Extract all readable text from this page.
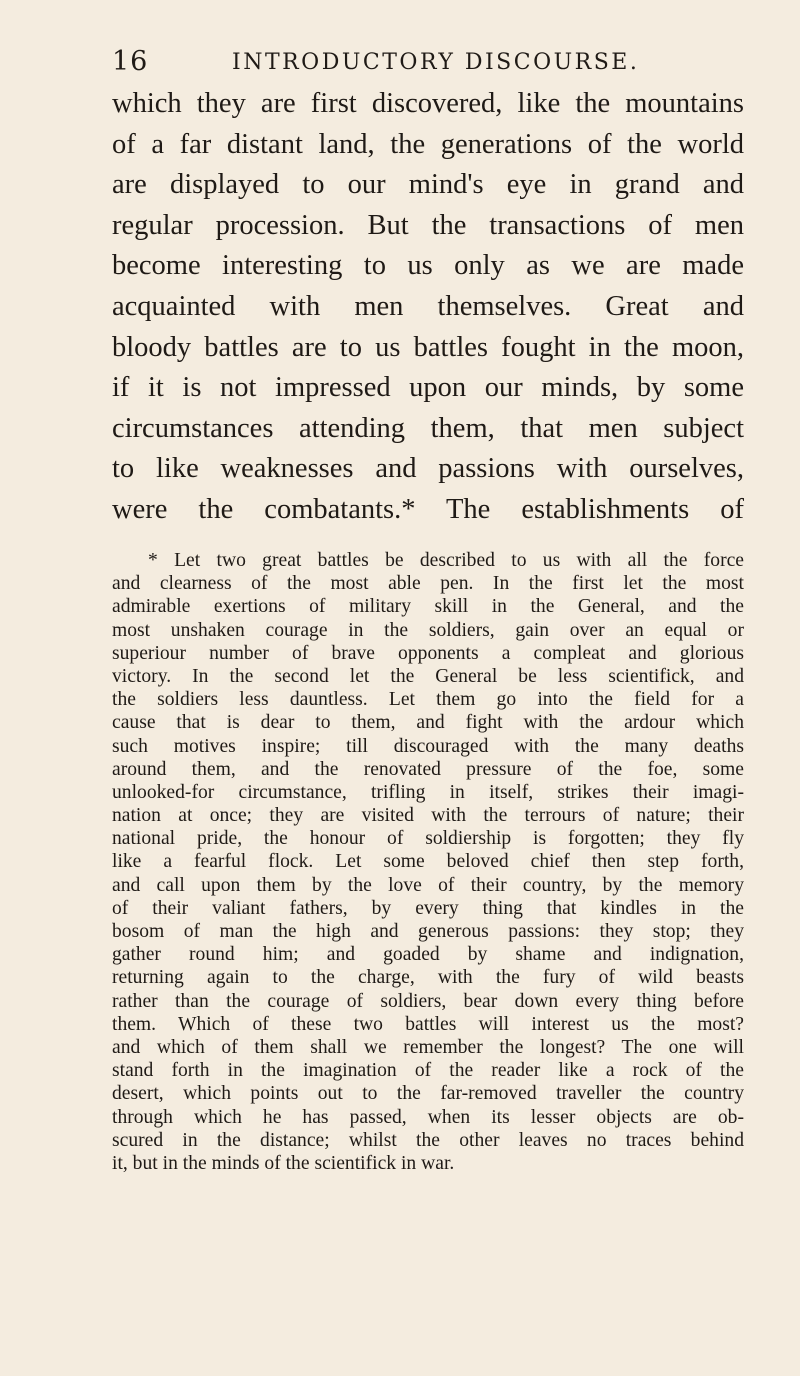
16	INTRODUCTORY DISCOURSE.
which they are first discovered, like the mountains
of a far distant land, the generations of the world
are displayed to our mind's eye in grand and
regular procession. But the transactions of men
become interesting to us only as we are made
acquainted with men themselves. Great and
bloody battles are to us battles fought in the moon,
if it is not impressed upon our minds, by some
circumstances attending them, that men subject
to like weaknesses and passions with ourselves,
were the combatants.* The establishments of
* Let two great battles be described to us with all the force
and clearness of the most able pen. In the first let the most
admirable exertions of military skill in the General, and the
most unshaken courage in the soldiers, gain over an equal or
superiour number of brave opponents a compleat and glorious
victory. In the second let the General be less scientifick, and
the soldiers less dauntless. Let them go into the field for a
cause that is dear to them, and fight with the ardour which
such motives inspire; till discouraged with the many deaths
around them, and the renovated pressure of the foe, some
unlooked-for circumstance, trifling in itself, strikes their imagi-
nation at once; they are visited with the terrours of nature; their
national pride, the honour of soldiership is forgotten; they fly
like a fearful flock. Let some beloved chief then step forth,
and call upon them by the love of their country, by the memory
of their valiant fathers, by every thing that kindles in the
bosom of man the high and generous passions: they stop; they
gather round him; and goaded by shame and indignation,
returning again to the charge, with the fury of wild beasts
rather than the courage of soldiers, bear down every thing before
them. Which of these two battles will interest us the most?
and which of them shall we remember the longest? The one will
stand forth in the imagination of the reader like a rock of the
desert, which points out to the far-removed traveller the country
through which he has passed, when its lesser objects are ob-
scured in the distance; whilst the other leaves no traces behind
it, but in the minds of the scientifick in war.
